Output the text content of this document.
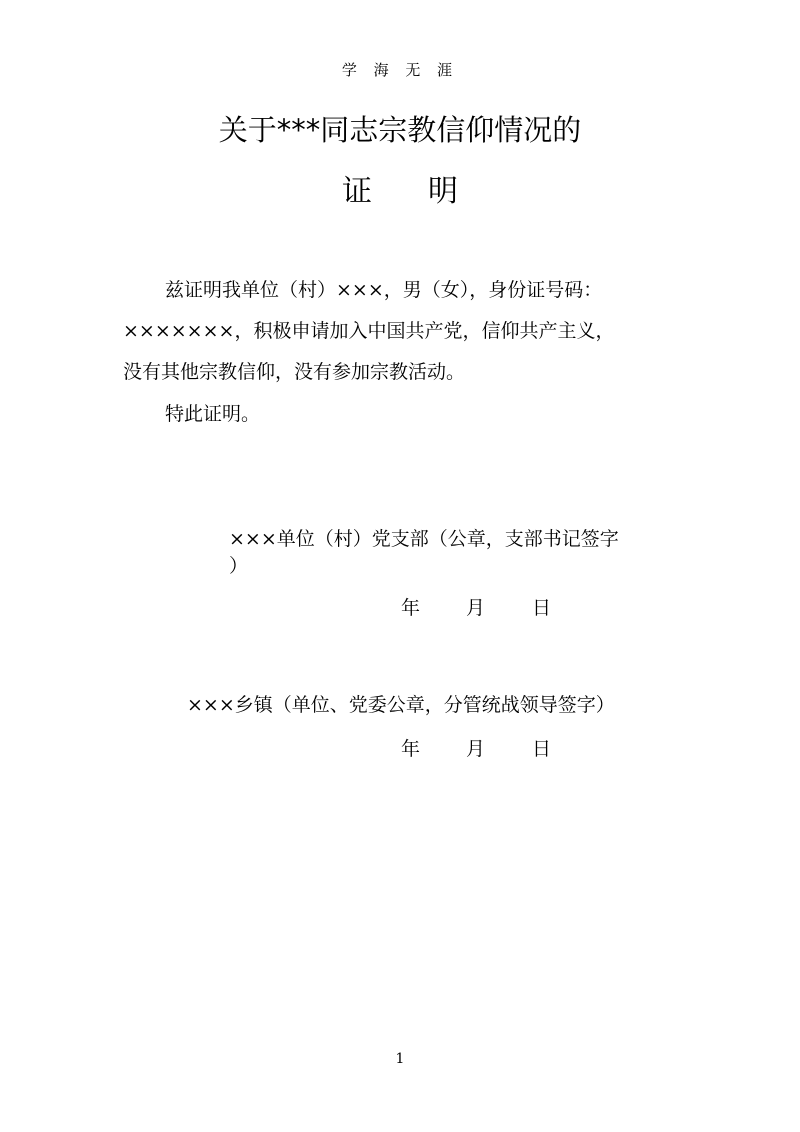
学 海 无 涯
关于***同志宗教信仰情况的
证明
兹证明我单位（村）×××，男（女），身份证号码：
×××××××，积极申请加入中国共产党，信仰共产主义，
没有其他宗教信仰，没有参加宗教活动。
特此证明。
×××单位（村）党支部（公章，支部书记签字
）
年 月 日
×××乡镇（单位、党委公章，分管统战领导签字）
年 月 日
1
